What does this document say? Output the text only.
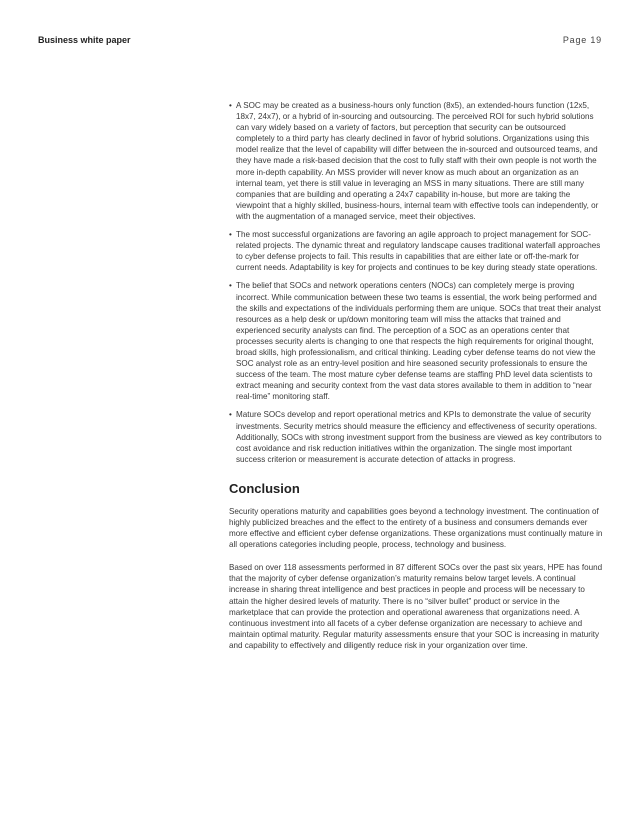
Business white paper	Page 19
• A SOC may be created as a business-hours only function (8x5), an extended-hours function (12x5, 18x7, 24x7), or a hybrid of in-sourcing and outsourcing. The perceived ROI for such hybrid solutions can vary widely based on a variety of factors, but perception that security can be outsourced completely to a third party has clearly declined in favor of hybrid solutions. Organizations using this model realize that the level of capability will differ between the in-sourced and outsourced teams, and they have made a risk-based decision that the cost to fully staff with their own people is not worth the more in-depth capability. An MSS provider will never know as much about an organization as an internal team, yet there is still value in leveraging an MSS in many situations. There are still many companies that are building and operating a 24x7 capability in-house, but more are taking the viewpoint that a highly skilled, business-hours, internal team with effective tools can independently, or with the augmentation of a managed service, meet their objectives.
• The most successful organizations are favoring an agile approach to project management for SOC-related projects. The dynamic threat and regulatory landscape causes traditional waterfall approaches to cyber defense projects to fail. This results in capabilities that are either late or off-the-mark for current needs. Adaptability is key for projects and continues to be key during steady state operations.
• The belief that SOCs and network operations centers (NOCs) can completely merge is proving incorrect. While communication between these two teams is essential, the work being performed and the skills and expectations of the individuals performing them are unique. SOCs that treat their analyst resources as a help desk or up/down monitoring team will miss the attacks that trained and experienced security analysts can find. The perception of a SOC as an operations center that processes security alerts is changing to one that respects the high requirements for original thought, broad skills, high professionalism, and critical thinking. Leading cyber defense teams do not view the SOC analyst role as an entry-level position and hire seasoned security professionals to ensure the success of the team. The most mature cyber defense teams are staffing PhD level data scientists to extract meaning and security context from the vast data stores available to them in addition to “near real-time” monitoring staff.
• Mature SOCs develop and report operational metrics and KPIs to demonstrate the value of security investments. Security metrics should measure the efficiency and effectiveness of security operations. Additionally, SOCs with strong investment support from the business are viewed as key contributors to cost avoidance and risk reduction initiatives within the organization. The single most important success criterion or measurement is accurate detection of attacks in progress.
Conclusion

Security operations maturity and capabilities goes beyond a technology investment. The continuation of highly publicized breaches and the effect to the entirety of a business and consumers demands ever more effective and efficient cyber defense organizations. These organizations must continually mature in all operations categories including people, process, technology and business.

Based on over 118 assessments performed in 87 different SOCs over the past six years, HPE has found that the majority of cyber defense organization’s maturity remains below target levels. A continual increase in sharing threat intelligence and best practices in people and process will be necessary to attain the higher desired levels of maturity. There is no “silver bullet” product or service in the marketplace that can provide the protection and operational awareness that organizations need. A continuous investment into all facets of a cyber defense organization are necessary to achieve and maintain optimal maturity. Regular maturity assessments ensure that your SOC is increasing in maturity and capability to effectively and diligently reduce risk in your organization over time.
